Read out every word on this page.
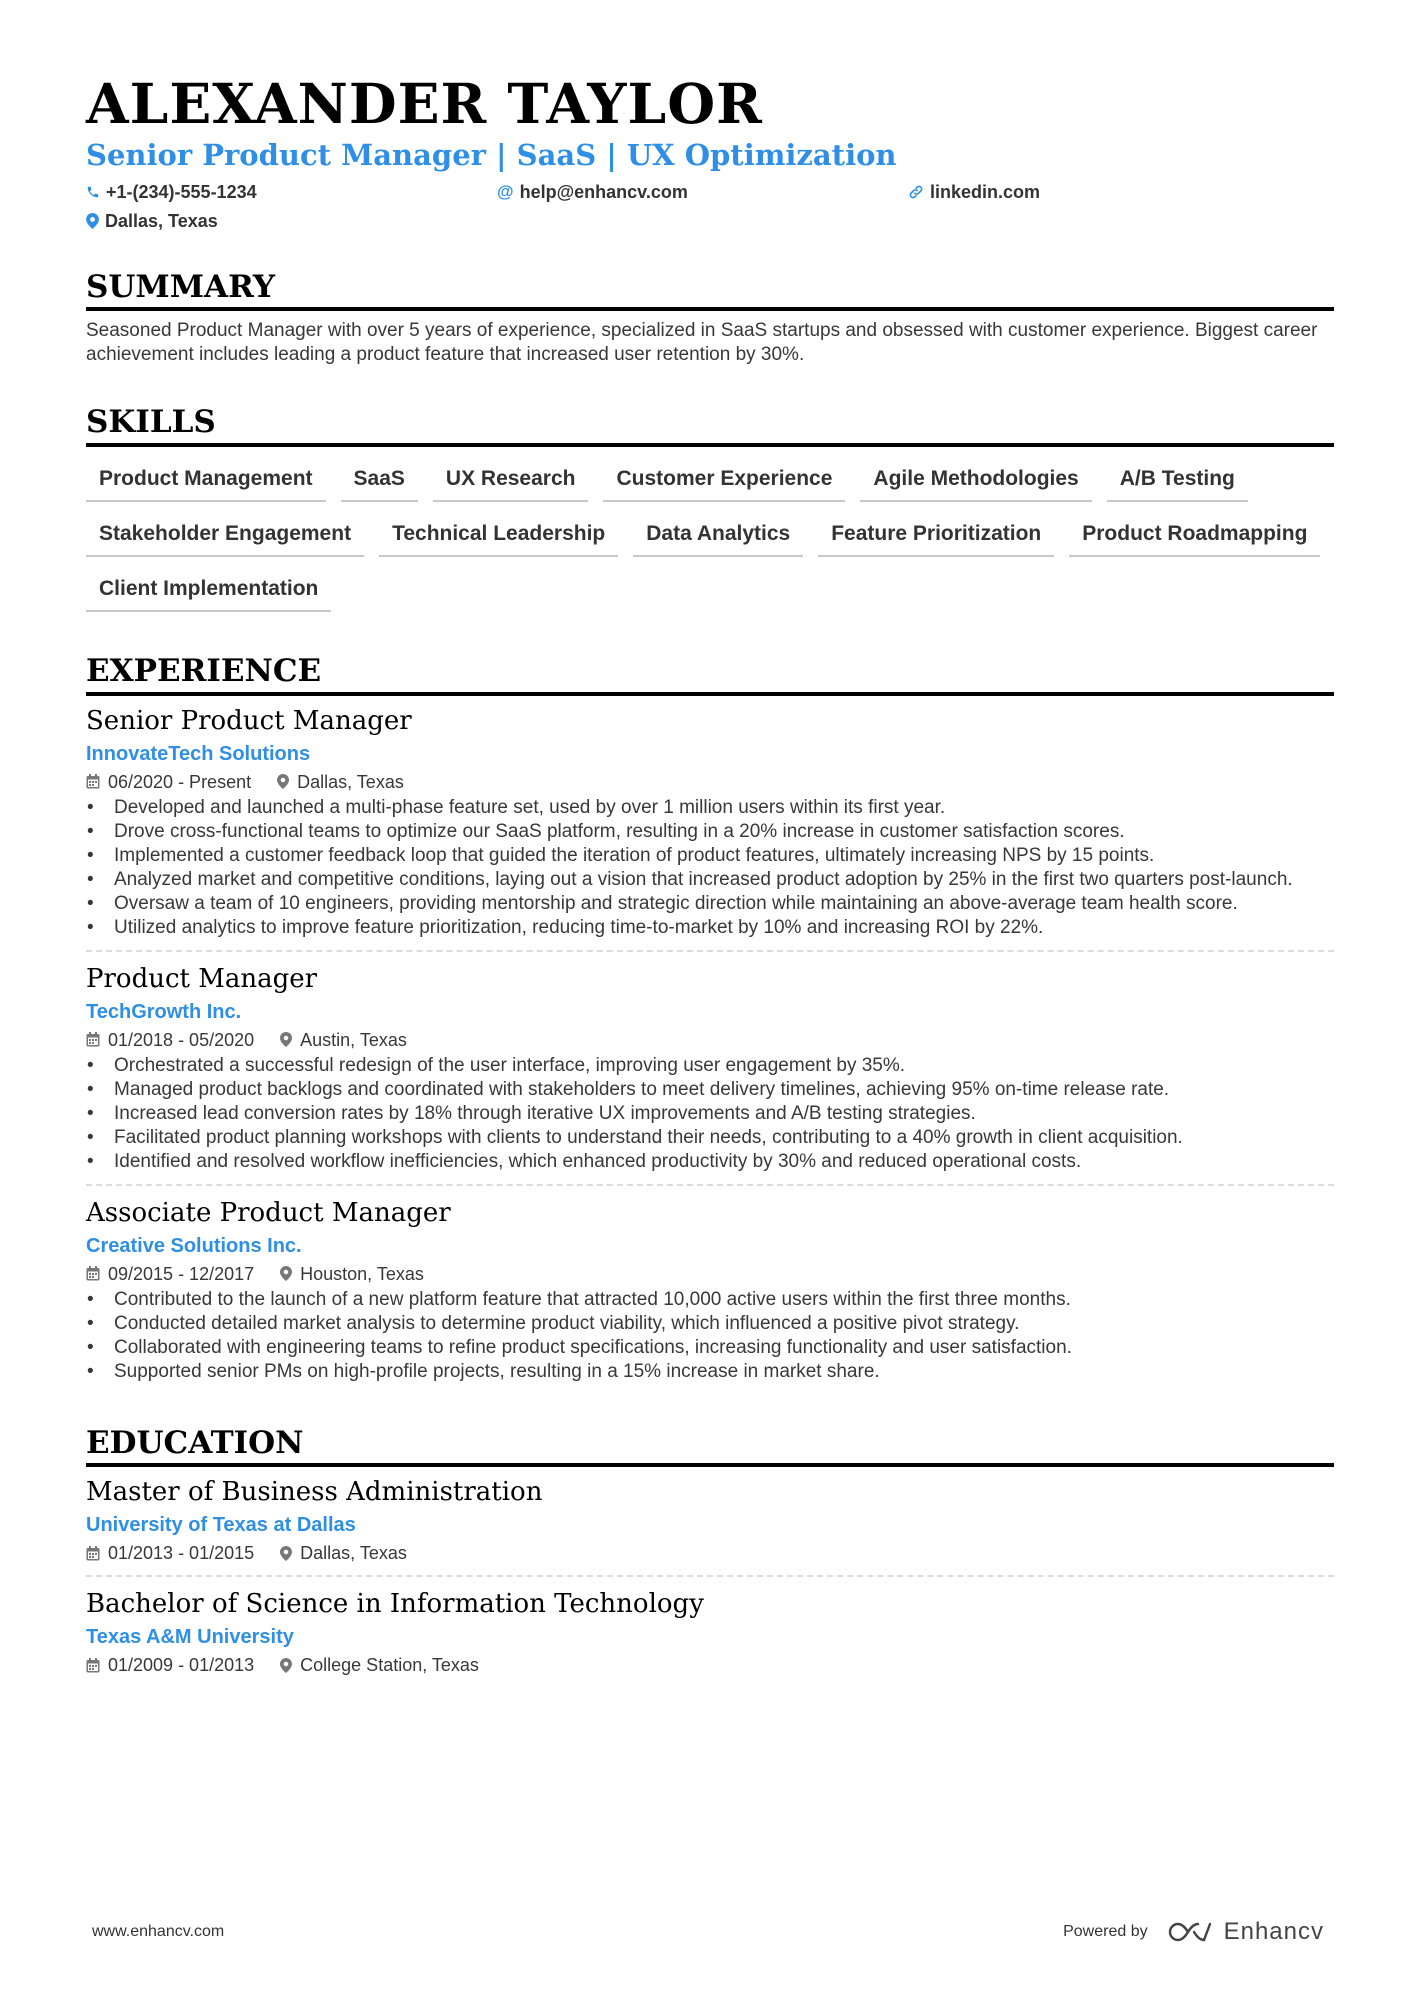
ALEXANDER TAYLOR
Senior Product Manager | SaaS | UX Optimization
+1-(234)-555-1234	@ help@enhancv.com	linkedin.com
Dallas, Texas
SUMMARY
Seasoned Product Manager with over 5 years of experience, specialized in SaaS startups and obsessed with customer experience. Biggest career achievement includes leading a product feature that increased user retention by 30%.
SKILLS
Product Management	SaaS	UX Research	Customer Experience	Agile Methodologies	A/B Testing
Stakeholder Engagement	Technical Leadership	Data Analytics	Feature Prioritization	Product Roadmapping
Client Implementation
EXPERIENCE
Senior Product Manager
InnovateTech Solutions
06/2020 - Present	Dallas, Texas
• Developed and launched a multi-phase feature set, used by over 1 million users within its first year.
• Drove cross-functional teams to optimize our SaaS platform, resulting in a 20% increase in customer satisfaction scores.
• Implemented a customer feedback loop that guided the iteration of product features, ultimately increasing NPS by 15 points.
• Analyzed market and competitive conditions, laying out a vision that increased product adoption by 25% in the first two quarters post-launch.
• Oversaw a team of 10 engineers, providing mentorship and strategic direction while maintaining an above-average team health score.
• Utilized analytics to improve feature prioritization, reducing time-to-market by 10% and increasing ROI by 22%.
Product Manager
TechGrowth Inc.
01/2018 - 05/2020	Austin, Texas
• Orchestrated a successful redesign of the user interface, improving user engagement by 35%.
• Managed product backlogs and coordinated with stakeholders to meet delivery timelines, achieving 95% on-time release rate.
• Increased lead conversion rates by 18% through iterative UX improvements and A/B testing strategies.
• Facilitated product planning workshops with clients to understand their needs, contributing to a 40% growth in client acquisition.
• Identified and resolved workflow inefficiencies, which enhanced productivity by 30% and reduced operational costs.
Associate Product Manager
Creative Solutions Inc.
09/2015 - 12/2017	Houston, Texas
• Contributed to the launch of a new platform feature that attracted 10,000 active users within the first three months.
• Conducted detailed market analysis to determine product viability, which influenced a positive pivot strategy.
• Collaborated with engineering teams to refine product specifications, increasing functionality and user satisfaction.
• Supported senior PMs on high-profile projects, resulting in a 15% increase in market share.
EDUCATION
Master of Business Administration
University of Texas at Dallas
01/2013 - 01/2015	Dallas, Texas
Bachelor of Science in Information Technology
Texas A&M University
01/2009 - 01/2013	College Station, Texas
www.enhancv.com	Powered by	Enhancv
